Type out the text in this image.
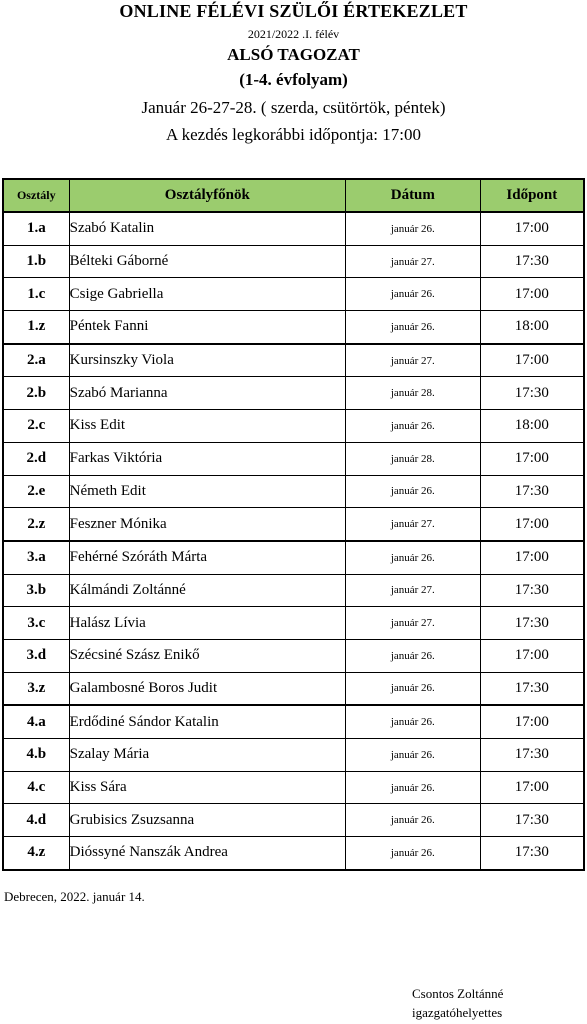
ONLINE FÉLÉVI SZÜLŐI ÉRTEKEZLET
2021/2022 .I. félév
ALSÓ TAGOZAT
(1-4. évfolyam)
Január 26-27-28. ( szerda, csütörtök, péntek)
A kezdés legkorábbi időpontja: 17:00
Osztály	Osztályfőnök	Dátum	Időpont
1.a	Szabó Katalin	január 26.	17:00
1.b	Bélteki Gáborné	január 27.	17:30
1.c	Csige Gabriella	január 26.	17:00
1.z	Péntek Fanni	január 26.	18:00
2.a	Kursinszky Viola	január 27.	17:00
2.b	Szabó Marianna	január 28.	17:30
2.c	Kiss Edit	január 26.	18:00
2.d	Farkas Viktória	január 28.	17:00
2.e	Németh Edit	január 26.	17:30
2.z	Feszner Mónika	január 27.	17:00
3.a	Fehérné Szóráth Márta	január 26.	17:00
3.b	Kálmándi Zoltánné	január 27.	17:30
3.c	Halász Lívia	január 27.	17:30
3.d	Szécsiné Szász Enikő	január 26.	17:00
3.z	Galambosné Boros Judit	január 26.	17:30
4.a	Erdődiné Sándor Katalin	január 26.	17:00
4.b	Szalay Mária	január 26.	17:30
4.c	Kiss Sára	január 26.	17:00
4.d	Grubisics Zsuzsanna	január 26.	17:30
4.z	Dióssyné Nanszák Andrea	január 26.	17:30
Debrecen, 2022. január 14.
Csontos Zoltánné
igazgatóhelyettes
